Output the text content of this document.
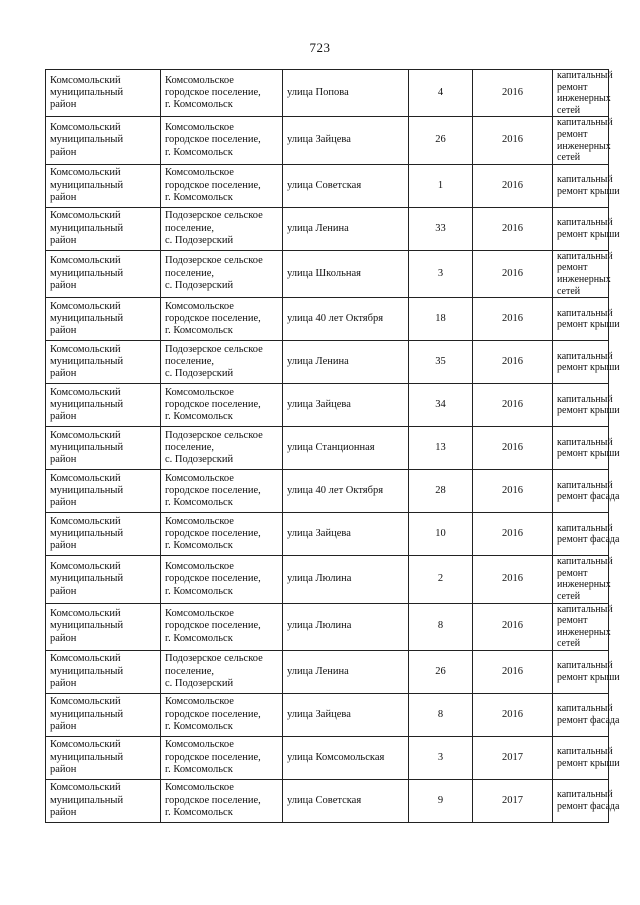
723
Комсомольский
муниципальный
район	Комсомольское
городское поселение,
г. Комсомольск	улица Попова	4	2016	капитальный
ремонт
инженерных
сетей

Комсомольский
муниципальный
район	Комсомольское
городское поселение,
г. Комсомольск	улица Зайцева	26	2016	капитальный
ремонт
инженерных
сетей

Комсомольский
муниципальный
район	Комсомольское
городское поселение,
г. Комсомольск	улица Советская	1	2016	капитальный
ремонт крыши

Комсомольский
муниципальный
район	Подозерское сельское
поселение,
с. Подозерский	улица Ленина	33	2016	капитальный
ремонт крыши

Комсомольский
муниципальный
район	Подозерское сельское
поселение,
с. Подозерский	улица Школьная	3	2016	капитальный
ремонт
инженерных
сетей

Комсомольский
муниципальный
район	Комсомольское
городское поселение,
г. Комсомольск	улица 40 лет Октября	18	2016	капитальный
ремонт крыши

Комсомольский
муниципальный
район	Подозерское сельское
поселение,
с. Подозерский	улица Ленина	35	2016	капитальный
ремонт крыши

Комсомольский
муниципальный
район	Комсомольское
городское поселение,
г. Комсомольск	улица Зайцева	34	2016	капитальный
ремонт крыши

Комсомольский
муниципальный
район	Подозерское сельское
поселение,
с. Подозерский	улица Станционная	13	2016	капитальный
ремонт крыши

Комсомольский
муниципальный
район	Комсомольское
городское поселение,
г. Комсомольск	улица 40 лет Октября	28	2016	капитальный
ремонт фасада

Комсомольский
муниципальный
район	Комсомольское
городское поселение,
г. Комсомольск	улица Зайцева	10	2016	капитальный
ремонт фасада

Комсомольский
муниципальный
район	Комсомольское
городское поселение,
г. Комсомольск	улица Люлина	2	2016	капитальный
ремонт
инженерных
сетей

Комсомольский
муниципальный
район	Комсомольское
городское поселение,
г. Комсомольск	улица Люлина	8	2016	капитальный
ремонт
инженерных
сетей

Комсомольский
муниципальный
район	Подозерское сельское
поселение,
с. Подозерский	улица Ленина	26	2016	капитальный
ремонт крыши

Комсомольский
муниципальный
район	Комсомольское
городское поселение,
г. Комсомольск	улица Зайцева	8	2016	капитальный
ремонт фасада

Комсомольский
муниципальный
район	Комсомольское
городское поселение,
г. Комсомольск	улица Комсомольская	3	2017	капитальный
ремонт крыши

Комсомольский
муниципальный
район	Комсомольское
городское поселение,
г. Комсомольск	улица Советская	9	2017	капитальный
ремонт фасада
